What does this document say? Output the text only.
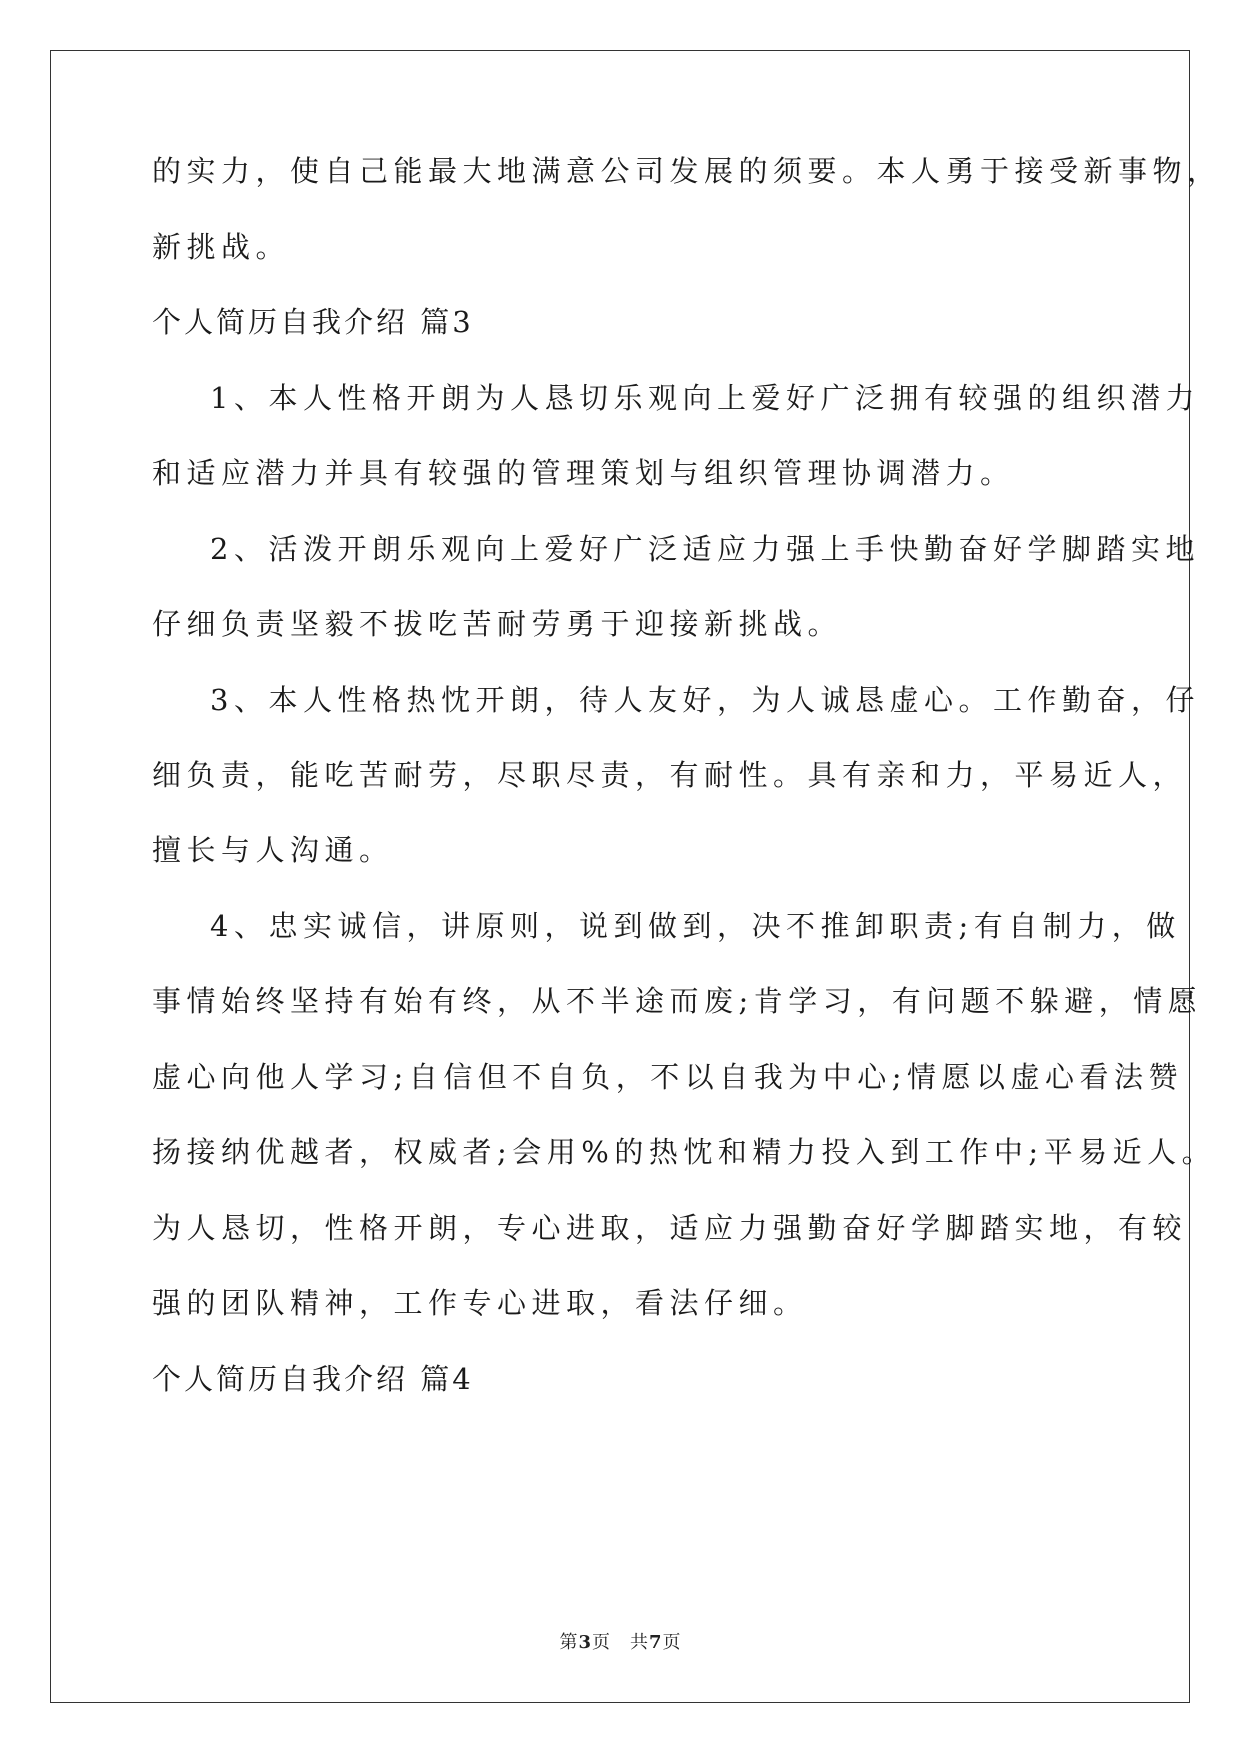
的实力，使自己能最大地满意公司发展的须要。本人勇于接受新事物，
新挑战。
个人简历自我介绍 篇3
1、本人性格开朗为人恳切乐观向上爱好广泛拥有较强的组织潜力
和适应潜力并具有较强的管理策划与组织管理协调潜力。
2、活泼开朗乐观向上爱好广泛适应力强上手快勤奋好学脚踏实地
仔细负责坚毅不拔吃苦耐劳勇于迎接新挑战。
3、本人性格热忱开朗，待人友好，为人诚恳虚心。工作勤奋，仔
细负责，能吃苦耐劳，尽职尽责，有耐性。具有亲和力，平易近人，
擅长与人沟通。
4、忠实诚信，讲原则，说到做到，决不推卸职责;有自制力，做
事情始终坚持有始有终，从不半途而废;肯学习，有问题不躲避，情愿
虚心向他人学习;自信但不自负，不以自我为中心;情愿以虚心看法赞
扬接纳优越者，权威者;会用%的热忱和精力投入到工作中;平易近人。
为人恳切，性格开朗，专心进取，适应力强勤奋好学脚踏实地，有较
强的团队精神，工作专心进取，看法仔细。
个人简历自我介绍 篇4
第3页　共7页
